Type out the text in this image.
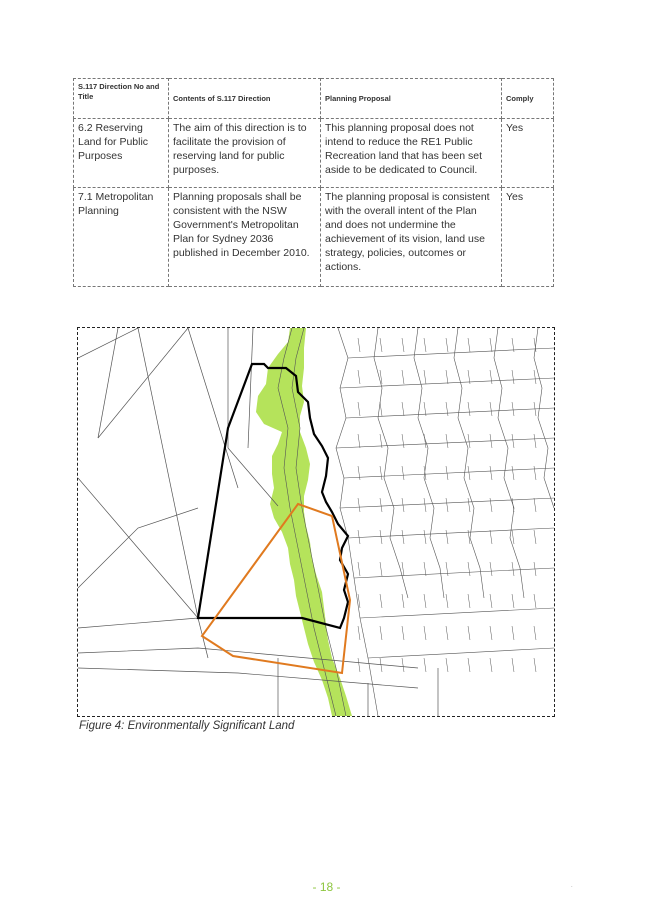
S.117 Direction No and Title	Contents of S.117 Direction	Planning Proposal	Comply
6.2 Reserving Land for Public Purposes	The aim of this direction is to facilitate the provision of reserving land for public purposes.	This planning proposal does not intend to reduce the RE1 Public Recreation land that has been set aside to be dedicated to Council.	Yes
7.1 Metropolitan Planning	Planning proposals shall be consistent with the NSW Government's Metropolitan Plan for Sydney 2036 published in December 2010.	The planning proposal is consistent with the overall intent of the Plan and does not undermine the achievement of its vision, land use strategy, policies, outcomes or actions.	Yes
Figure 4: Environmentally Significant Land
- 18 -	.
